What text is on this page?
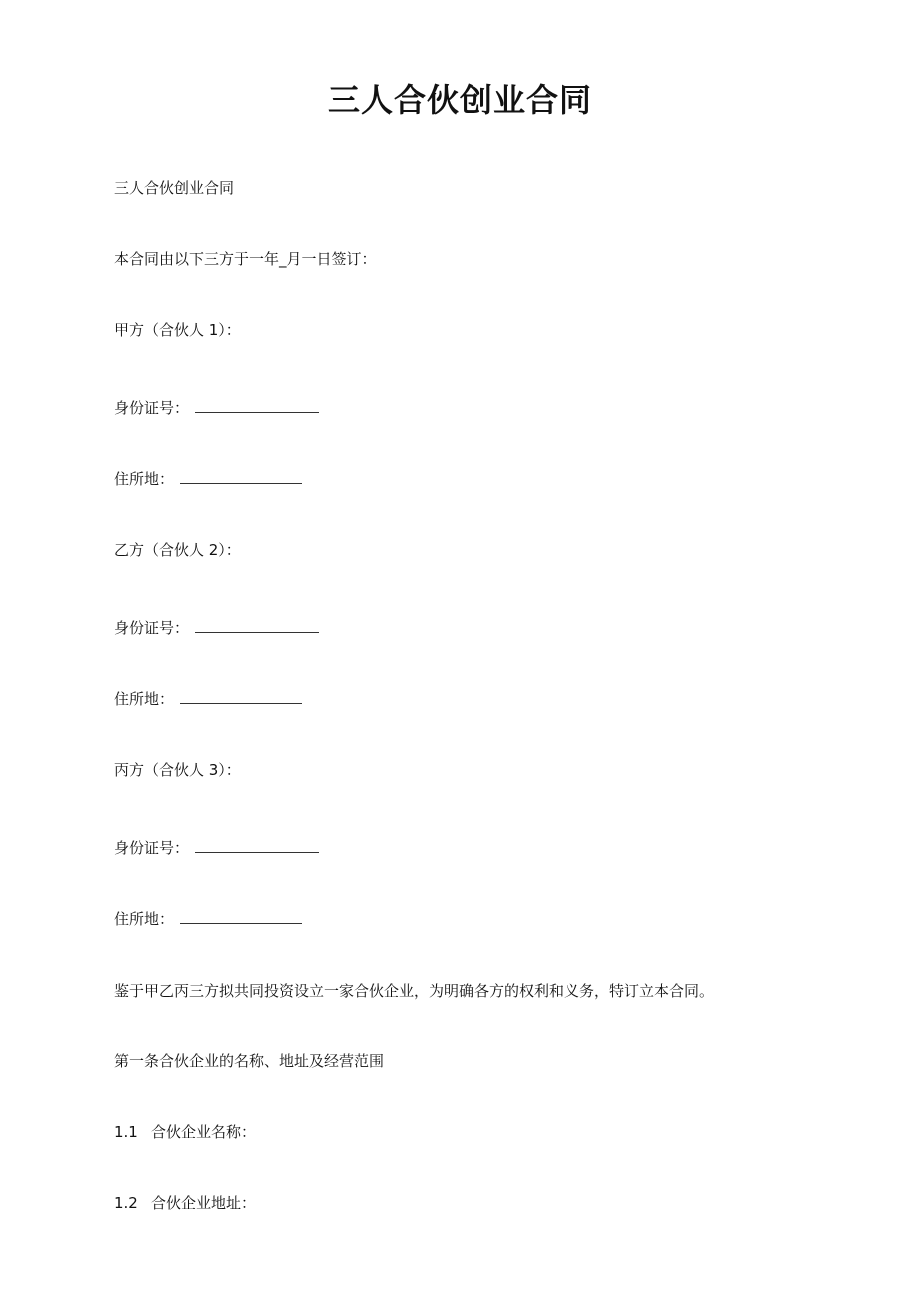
三人合伙创业合同
三人合伙创业合同
本合同由以下三方于一年_月一日签订：
甲方（合伙人 1）：
身份证号：
住所地：
乙方（合伙人 2）：
身份证号：
住所地：
丙方（合伙人 3）：
身份证号：
住所地：
鉴于甲乙丙三方拟共同投资设立一家合伙企业，为明确各方的权利和义务，特订立本合同。
第一条合伙企业的名称、地址及经营范围
1.1 合伙企业名称：
1.2 合伙企业地址：
